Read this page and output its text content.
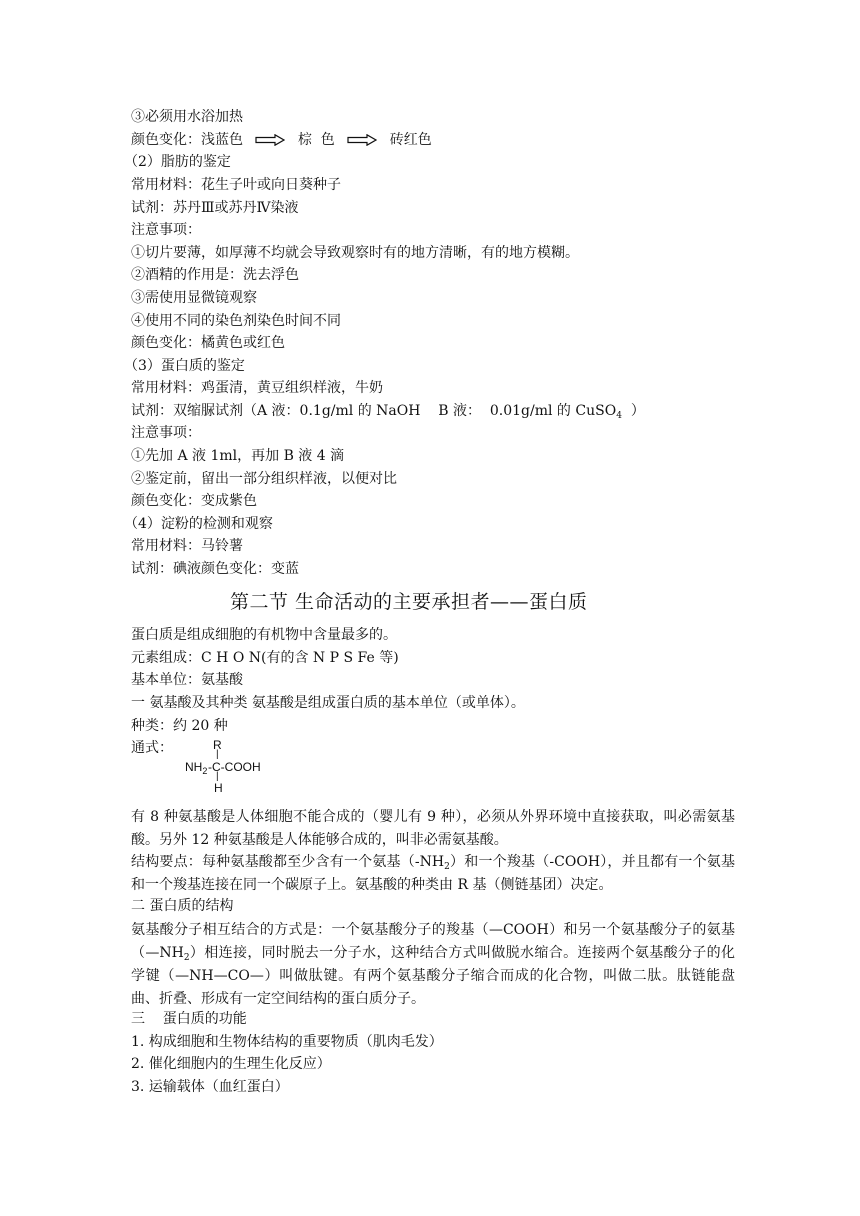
③必须用水浴加热
颜色变化：浅蓝色	棕  色	砖红色
（2）脂肪的鉴定
常用材料：花生子叶或向日葵种子
试剂：苏丹Ⅲ或苏丹Ⅳ染液
注意事项：
①切片要薄，如厚薄不均就会导致观察时有的地方清晰，有的地方模糊。
②酒精的作用是：洗去浮色
③需使用显微镜观察
④使用不同的染色剂染色时间不同
颜色变化：橘黄色或红色
（3）蛋白质的鉴定
常用材料：鸡蛋清，黄豆组织样液，牛奶
试剂：双缩脲试剂（A 液：0.1g/ml 的 NaOH    B 液：  0.01g/ml 的 CuSO$_4$  ）
注意事项：
①先加 A 液 1ml，再加 B 液 4 滴
②鉴定前，留出一部分组织样液，以便对比
颜色变化：变成紫色
（4）淀粉的检测和观察
常用材料：马铃薯
试剂：碘液颜色变化：变蓝
第二节 生命活动的主要承担者——蛋白质
蛋白质是组成细胞的有机物中含量最多的。
元素组成：C H O N(有的含 N P S Fe 等)
基本单位：氨基酸
一 氨基酸及其种类 氨基酸是组成蛋白质的基本单位（或单体）。
种类：约 20 种
通式：	R
|
$NH_2$ -C-COOH
|
H
有 8 种氨基酸是人体细胞不能合成的（婴儿有 9 种），必须从外界环境中直接获取，叫必需氨基酸。另外 12 种氨基酸是人体能够合成的，叫非必需氨基酸。
结构要点：每种氨基酸都至少含有一个氨基$(-NH_2)$和一个羧基（-COOH），并且都有一个氨基和一个羧基连接在同一个碳原子上。氨基酸的种类由 R 基（侧链基团）决定。
二 蛋白质的结构
氨基酸分子相互结合的方式是：一个氨基酸分子的羧基（—COOH）和另一个氨基酸分子的氨基$(—NH_2)$相连接，同时脱去一分子水，这种结合方式叫做脱水缩合。连接两个氨基酸分子的化学键（—NH—CO—）叫做肽键。有两个氨基酸分子缩合而成的化合物，叫做二肽。肽链能盘曲、折叠、形成有一定空间结构的蛋白质分子。
三    蛋白质的功能
1. 构成细胞和生物体结构的重要物质（肌肉毛发）
2. 催化细胞内的生理生化反应）
3. 运输载体（血红蛋白）
